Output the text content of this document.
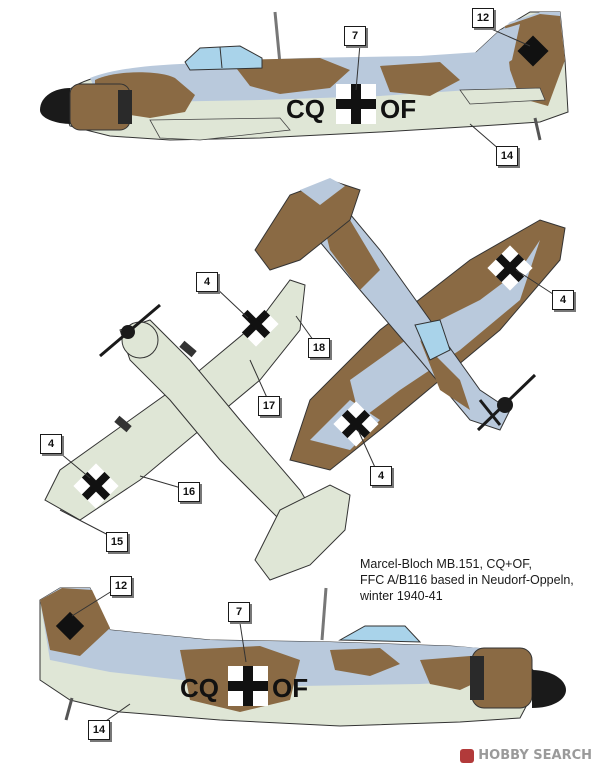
CQ OF
CQ OF
12
7
14
4
4
18
17
4
4
16
15
12
7
14
Marcel-Bloch MB.151, CQ+OF,
FFC A/B116 based in Neudorf-Oppeln,
winter 1940-41
HOBBY SEARCH
